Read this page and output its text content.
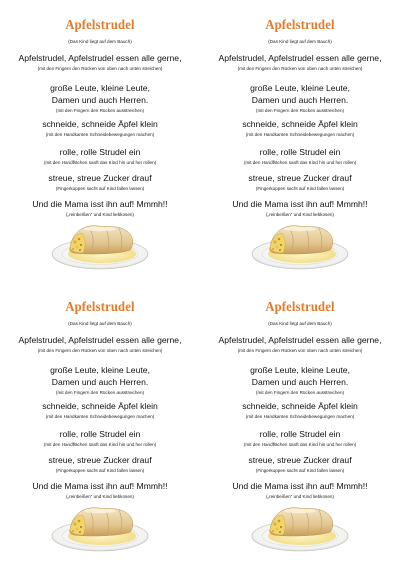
Apfelstrudel
(Das Kind liegt auf dem Bauch)
Apfelstrudel, Apfelstrudel essen alle gerne,
(mit den Fingern den Rücken von oben nach unten streichen)
große Leute, kleine Leute,
Damen und auch Herren.
(mit den Fingern den Rücken ausstreichen)
schneide, schneide Äpfel klein
(mit den Handkanten Schneidebewegungen machen)
rolle, rolle Strudel ein
(mit den Handflächen sanft das Kind hin und her rollen)
streue, streue Zucker drauf
(Fingerkuppen sacht auf Kind fallen lassen)
Und die Mama isst ihn auf! Mmmh!!
(„reinbeißen“ und Kind liebkosen)
Apfelstrudel
(Das Kind liegt auf dem Bauch)
Apfelstrudel, Apfelstrudel essen alle gerne,
(mit den Fingern den Rücken von oben nach unten streichen)
große Leute, kleine Leute,
Damen und auch Herren.
(mit den Fingern den Rücken ausstreichen)
schneide, schneide Äpfel klein
(mit den Handkanten Schneidebewegungen machen)
rolle, rolle Strudel ein
(mit den Handflächen sanft das Kind hin und her rollen)
streue, streue Zucker drauf
(Fingerkuppen sacht auf Kind fallen lassen)
Und die Mama isst ihn auf! Mmmh!!
(„reinbeißen“ und Kind liebkosen)
Apfelstrudel
(Das Kind liegt auf dem Bauch)
Apfelstrudel, Apfelstrudel essen alle gerne,
(mit den Fingern den Rücken von oben nach unten streichen)
große Leute, kleine Leute,
Damen und auch Herren.
(mit den Fingern den Rücken ausstreichen)
schneide, schneide Äpfel klein
(mit den Handkanten Schneidebewegungen machen)
rolle, rolle Strudel ein
(mit den Handflächen sanft das Kind hin und her rollen)
streue, streue Zucker drauf
(Fingerkuppen sacht auf Kind fallen lassen)
Und die Mama isst ihn auf! Mmmh!!
(„reinbeißen“ und Kind liebkosen)
Apfelstrudel
(Das Kind liegt auf dem Bauch)
Apfelstrudel, Apfelstrudel essen alle gerne,
(mit den Fingern den Rücken von oben nach unten streichen)
große Leute, kleine Leute,
Damen und auch Herren.
(mit den Fingern den Rücken ausstreichen)
schneide, schneide Äpfel klein
(mit den Handkanten Schneidebewegungen machen)
rolle, rolle Strudel ein
(mit den Handflächen sanft das Kind hin und her rollen)
streue, streue Zucker drauf
(Fingerkuppen sacht auf Kind fallen lassen)
Und die Mama isst ihn auf! Mmmh!!
(„reinbeißen“ und Kind liebkosen)
